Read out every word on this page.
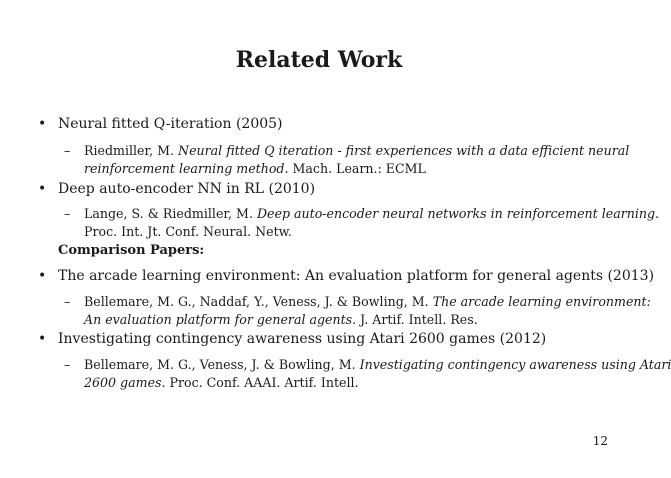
Related Work
• Neural fitted Q-iteration (2005)
– Riedmiller, M. Neural fitted Q iteration - first experiences with a data efficient neural
reinforcement learning method. Mach. Learn.: ECML
• Deep auto-encoder NN in RL (2010)
– Lange, S. & Riedmiller, M. Deep auto-encoder neural networks in reinforcement learning.
Proc. Int. Jt. Conf. Neural. Netw.
Comparison Papers:
• The arcade learning environment: An evaluation platform for general agents (2013)
– Bellemare, M. G., Naddaf, Y., Veness, J. & Bowling, M. The arcade learning environment:
An evaluation platform for general agents. J. Artif. Intell. Res.
• Investigating contingency awareness using Atari 2600 games (2012)
– Bellemare, M. G., Veness, J. & Bowling, M. Investigating contingency awareness using Atari
2600 games. Proc. Conf. AAAI. Artif. Intell.
12
